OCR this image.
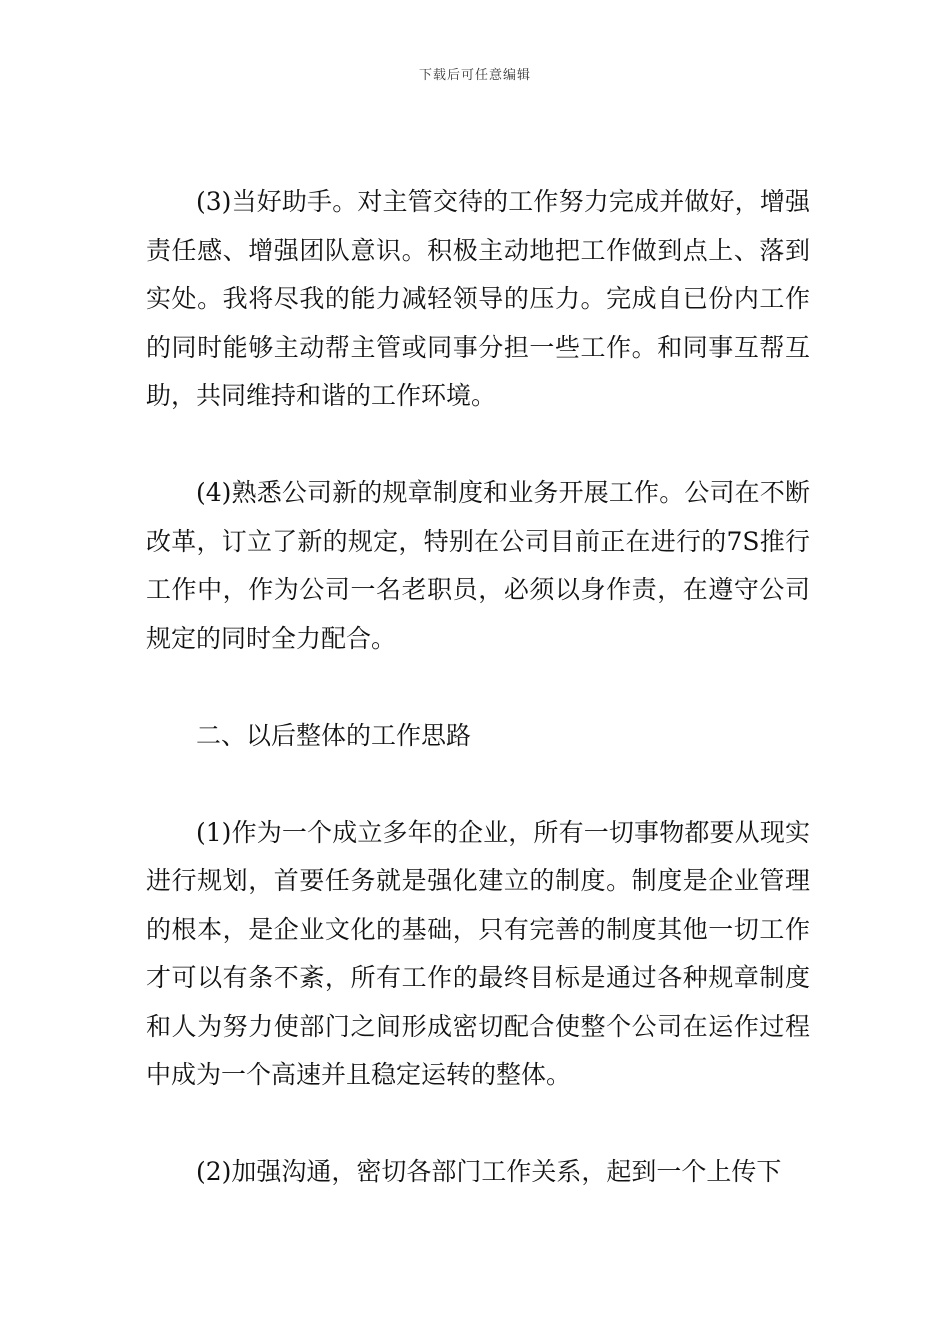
下载后可任意编辑

(3)当好助手。对主管交待的工作努力完成并做好，增强责任感、增强团队意识。积极主动地把工作做到点上、落到实处。我将尽我的能力减轻领导的压力。完成自已份内工作的同时能够主动帮主管或同事分担一些工作。和同事互帮互助，共同维持和谐的工作环境。

(4)熟悉公司新的规章制度和业务开展工作。公司在不断改革，订立了新的规定，特别在公司目前正在进行的7S推行工作中，作为公司一名老职员，必须以身作责，在遵守公司规定的同时全力配合。

二、以后整体的工作思路

(1)作为一个成立多年的企业，所有一切事物都要从现实进行规划，首要任务就是强化建立的制度。制度是企业管理的根本，是企业文化的基础，只有完善的制度其他一切工作才可以有条不紊，所有工作的最终目标是通过各种规章制度和人为努力使部门之间形成密切配合使整个公司在运作过程中成为一个高速并且稳定运转的整体。

(2)加强沟通，密切各部门工作关系，起到一个上传下
